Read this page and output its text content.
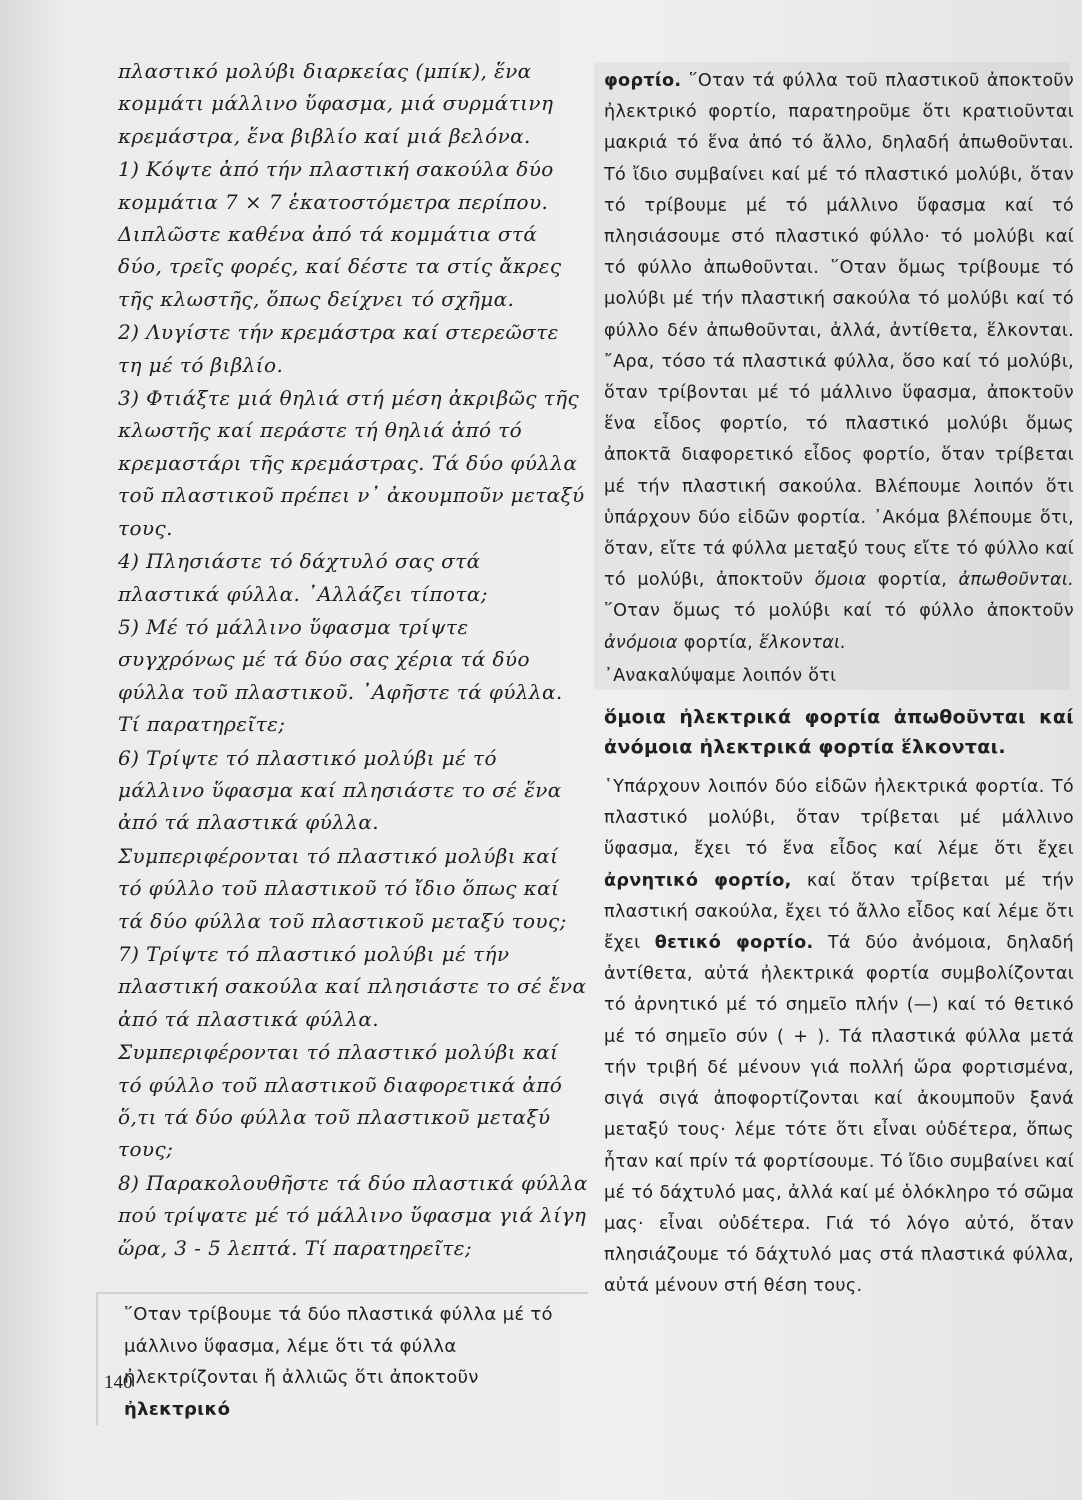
πλαστικό μολύβι διαρκείας (μπίκ), ἕνα κομμάτι μάλλινο ὕφασμα, μιά συρμάτινη κρεμάστρα, ἕνα βιβλίο καί μιά βελόνα.

1) Κόψτε ἀπό τήν πλαστική σακούλα δύο κομμάτια 7 × 7 ἑκατοστόμετρα περίπου. Διπλῶστε καθένα ἀπό τά κομμάτια στά δύο, τρεῖς φορές, καί δέστε τα στίς ἄκρες τῆς κλωστῆς, ὅπως δείχνει τό σχῆμα.

2) Λυγίστε τήν κρεμάστρα καί στερεῶστε τη μέ τό βιβλίο.

3) Φτιάξτε μιά θηλιά στή μέση ἀκριβῶς τῆς κλωστῆς καί περάστε τή θηλιά ἀπό τό κρεμαστάρι τῆς κρεμάστρας. Τά δύο φύλλα τοῦ πλαστικοῦ πρέπει ν᾿ ἀκουμποῦν μεταξύ τους.

4) Πλησιάστε τό δάχτυλό σας στά πλαστικά φύλλα. ᾿Αλλάζει τίποτα;

5) Μέ τό μάλλινο ὕφασμα τρίψτε συγχρόνως μέ τά δύο σας χέρια τά δύο φύλλα τοῦ πλαστικοῦ. ᾿Αφῆστε τά φύλλα. Τί παρατηρεῖτε;

6) Τρίψτε τό πλαστικό μολύβι μέ τό μάλλινο ὕφασμα καί πλησιάστε το σέ ἕνα ἀπό τά πλαστικά φύλλα.

Συμπεριφέρονται τό πλαστικό μολύβι καί τό φύλλο τοῦ πλαστικοῦ τό ἴδιο ὅπως καί τά δύο φύλλα τοῦ πλαστικοῦ μεταξύ τους;

7) Τρίψτε τό πλαστικό μολύβι μέ τήν πλαστική σακούλα καί πλησιάστε το σέ ἕνα ἀπό τά πλαστικά φύλλα.

Συμπεριφέρονται τό πλαστικό μολύβι καί τό φύλλο τοῦ πλαστικοῦ διαφορετικά ἀπό ὅ,τι τά δύο φύλλα τοῦ πλαστικοῦ μεταξύ τους;

8) Παρακολουθῆστε τά δύο πλαστικά φύλλα πού τρίψατε μέ τό μάλλινο ὕφασμα γιά λίγη ὥρα, 3 - 5 λεπτά. Τί παρατηρεῖτε;

῞Οταν τρίβουμε τά δύο πλαστικά φύλλα μέ τό μάλλινο ὕφασμα, λέμε ὅτι τά φύλλα ἠλεκτρίζονται ἤ ἀλλιῶς ὅτι ἀποκτοῦν ἠλεκτρικό

φορτίο. ῞Οταν τά φύλλα τοῦ πλαστικοῦ ἀποκτοῦν ἠλεκτρικό φορτίο, παρατηροῦμε ὅτι κρατιοῦνται μακριά τό ἕνα ἀπό τό ἄλλο, δηλαδή ἀπωθοῦνται. Τό ἴδιο συμβαίνει καί μέ τό πλαστικό μολύβι, ὅταν τό τρίβουμε μέ τό μάλλινο ὕφασμα καί τό πλησιάσουμε στό πλαστικό φύλλο· τό μολύβι καί τό φύλλο ἀπωθοῦνται. ῞Οταν ὅμως τρίβουμε τό μολύβι μέ τήν πλαστική σακούλα τό μολύβι καί τό φύλλο δέν ἀπωθοῦνται, ἀλλά, ἀντίθετα, ἕλκονται. ῎Αρα, τόσο τά πλαστικά φύλλα, ὅσο καί τό μολύβι, ὅταν τρίβονται μέ τό μάλλινο ὕφασμα, ἀποκτοῦν ἕνα εἶδος φορτίο, τό πλαστικό μολύβι ὅμως ἀποκτᾶ διαφορετικό εἶδος φορτίο, ὅταν τρίβεται μέ τήν πλαστική σακούλα. Βλέπουμε λοιπόν ὅτι ὑπάρχουν δύο εἰδῶν φορτία. ᾿Ακόμα βλέπουμε ὅτι, ὅταν, εἴτε τά φύλλα μεταξύ τους εἴτε τό φύλλο καί τό μολύβι, ἀποκτοῦν ὅμοια φορτία, ἀπωθοῦνται. ῞Οταν ὅμως τό μολύβι καί τό φύλλο ἀποκτοῦν ἀνόμοια φορτία, ἕλκονται.

᾿Ανακαλύψαμε λοιπόν ὅτι

ὅμοια ἠλεκτρικά φορτία ἀπωθοῦνται καί ἀνόμοια ἠλεκτρικά φορτία ἕλκονται.

῾Υπάρχουν λοιπόν δύο εἰδῶν ἠλεκτρικά φορτία. Τό πλαστικό μολύβι, ὅταν τρίβεται μέ μάλλινο ὕφασμα, ἔχει τό ἕνα εἶδος καί λέμε ὅτι ἔχει ἀρνητικό φορτίο, καί ὅταν τρίβεται μέ τήν πλαστική σακούλα, ἔχει τό ἄλλο εἶδος καί λέμε ὅτι ἔχει θετικό φορτίο. Τά δύο ἀνόμοια, δηλαδή ἀντίθετα, αὐτά ἠλεκτρικά φορτία συμβολίζονται τό ἀρνητικό μέ τό σημεῖο πλήν (—) καί τό θετικό μέ τό σημεῖο σύν ( + ). Τά πλαστικά φύλλα μετά τήν τριβή δέ μένουν γιά πολλή ὥρα φορτισμένα, σιγά σιγά ἀποφορτίζονται καί ἀκουμποῦν ξανά μεταξύ τους· λέμε τότε ὅτι εἶναι οὐδέτερα, ὅπως ἦταν καί πρίν τά φορτίσουμε. Τό ἴδιο συμβαίνει καί μέ τό δάχτυλό μας, ἀλλά καί μέ ὁλόκληρο τό σῶμα μας· εἶναι οὐδέτερα. Γιά τό λόγο αὐτό, ὅταν πλησιάζουμε τό δάχτυλό μας στά πλαστικά φύλλα, αὐτά μένουν στή θέση τους.

140
